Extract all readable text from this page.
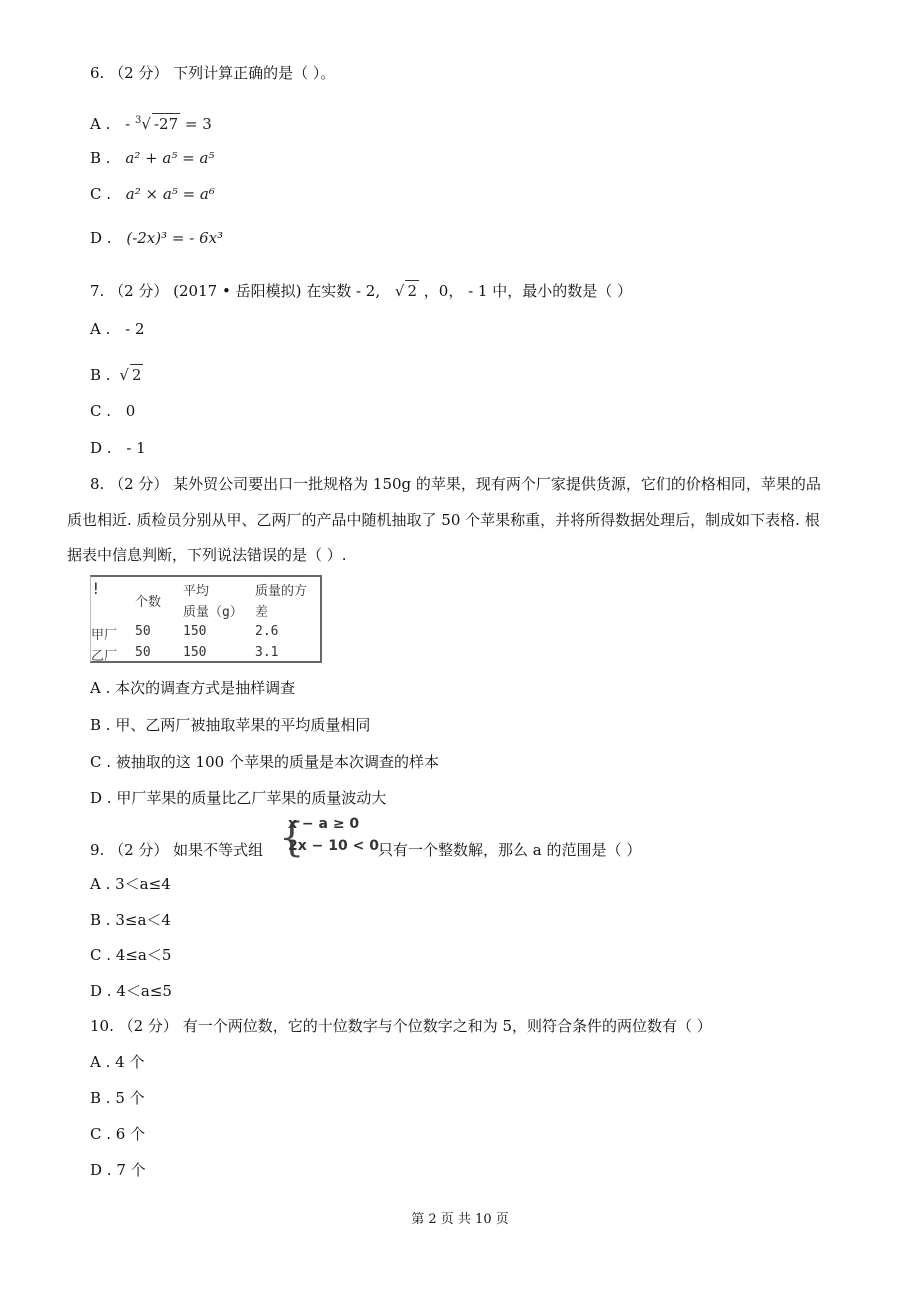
6. （2 分） 下列计算正确的是（ ）。
A . - $^3$√ -27 = 3
B . a² + a⁵ = a⁵
C . a² × a⁵ = a⁶
D . (-2x)³ = - 6x³
7. （2 分） (2017 • 岳阳模拟) 在实数 - 2, √ 2 ，0， - 1 中，最小的数是（ ）
A . - 2
B . √ 2
C . 0
D . - 1
8. （2 分） 某外贸公司要出口一批规格为 150g 的苹果，现有两个厂家提供货源，它们的价格相同，苹果的品
质也相近. 质检员分别从甲、乙两厂的产品中随机抽取了 50 个苹果称重，并将所得数据处理后，制成如下表格. 根
据表中信息判断，下列说法错误的是（ ）.
!
个数
平均
质量（g）
质量的方
差
甲厂 50 150	2.6
乙厂 50 150	3.1
A . 本次的调查方式是抽样调查
B . 甲、乙两厂被抽取苹果的平均质量相同
C . 被抽取的这 100 个苹果的质量是本次调查的样本
D . 甲厂苹果的质量比乙厂苹果的质量波动大
9. （2 分） 如果不等式组 {
x − a ≥ 0
2x − 10 < 0 只有一个整数解，那么 a 的范围是（ ）
A . 3＜a≤4
B . 3≤a＜4
C . 4≤a＜5
D . 4＜a≤5
10. （2 分） 有一个两位数，它的十位数字与个位数字之和为 5，则符合条件的两位数有（ ）
A . 4 个
B . 5 个
C . 6 个
D . 7 个
第 2 页 共 10 页
